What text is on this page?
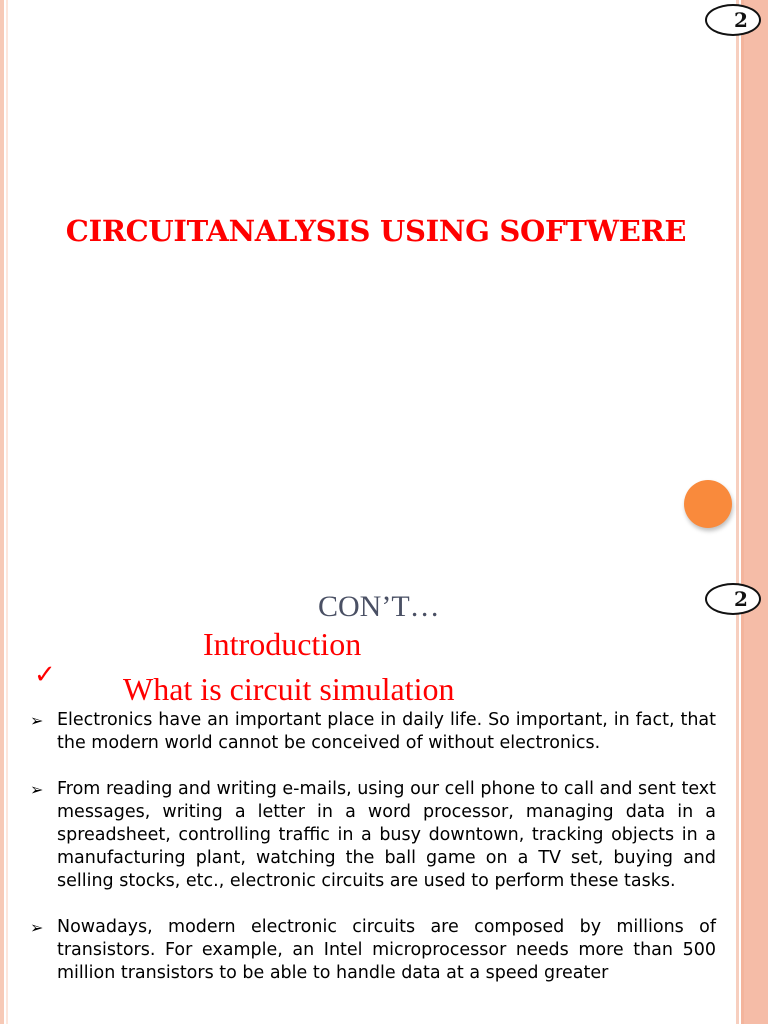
2
CIRCUITANALYSIS USING SOFTWERE
2
CON’T…
Introduction
✓ What is circuit simulation
➢ Electronics have an important place in daily life. So important, in fact, that the modern world cannot be conceived of without electronics.

➢ From reading and writing e-mails, using our cell phone to call and sent text messages, writing a letter in a word processor, managing data in a spreadsheet, controlling traffic in a busy downtown, tracking objects in a manufacturing plant, watching the ball game on a TV set, buying and selling stocks, etc., electronic circuits are used to perform these tasks.

➢ Nowadays, modern electronic circuits are composed by millions of transistors. For example, an Intel microprocessor needs more than 500 million transistors to be able to handle data at a speed greater
